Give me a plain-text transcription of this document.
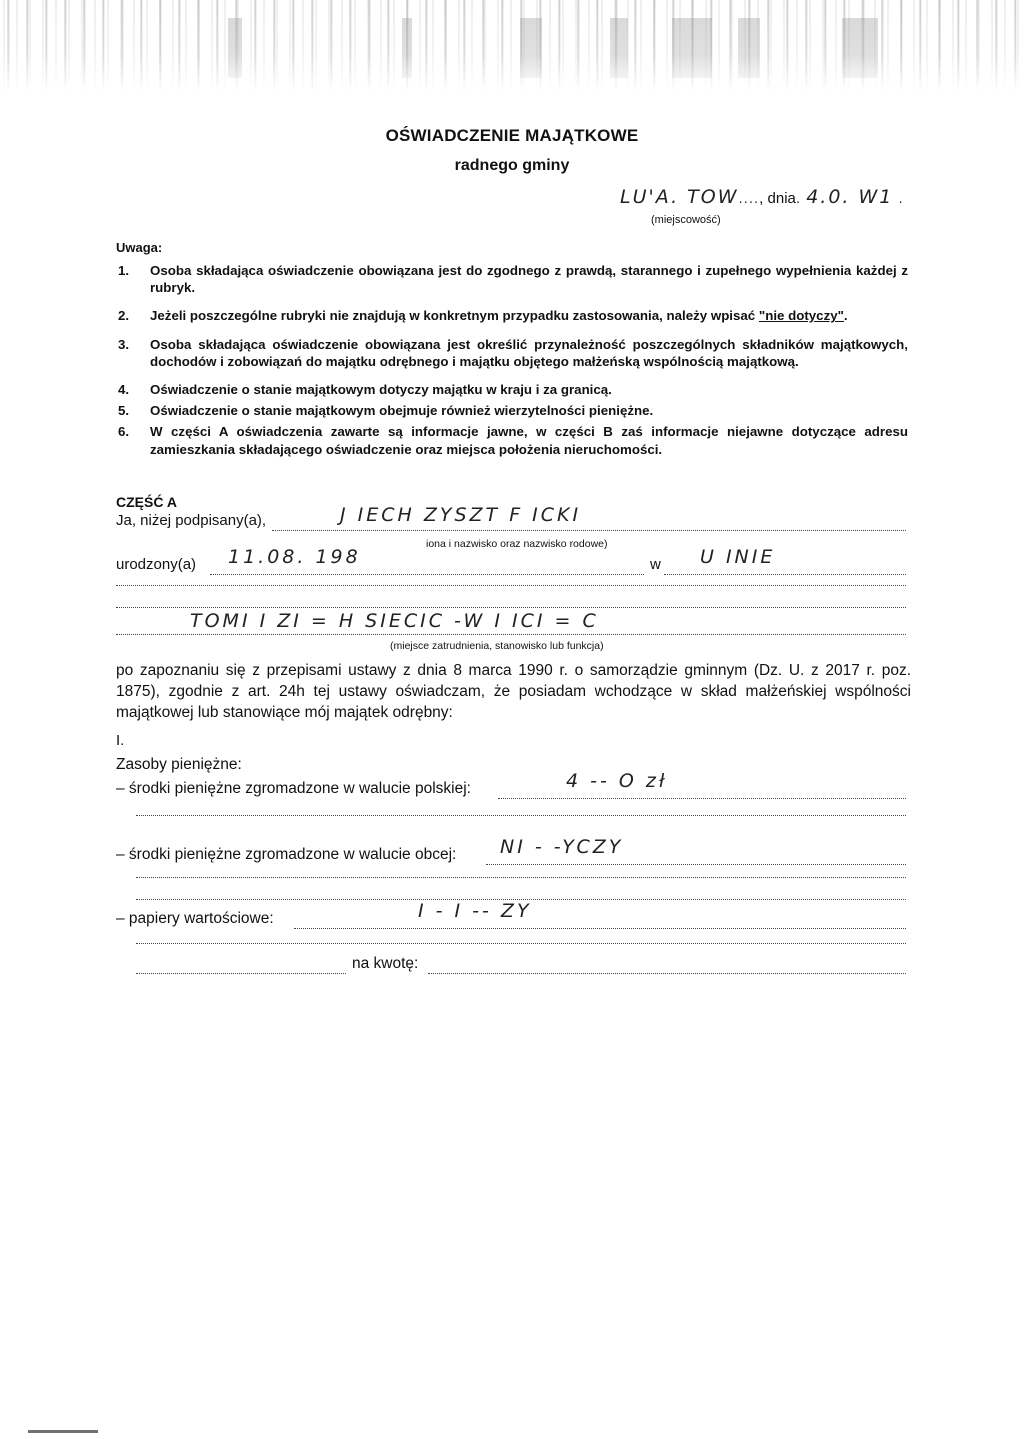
OŚWIADCZENIE MAJĄTKOWE
radnego gminy
LU'A. TOW...., dnia. 4.0. W1 .
(miejscowość)
Uwaga:
1. Osoba składająca oświadczenie obowiązana jest do zgodnego z prawdą, starannego i zupełnego wypełnienia każdej z rubryk.
2. Jeżeli poszczególne rubryki nie znajdują w konkretnym przypadku zastosowania, należy wpisać "nie dotyczy".
3. Osoba składająca oświadczenie obowiązana jest określić przynależność poszczególnych składników majątkowych, dochodów i zobowiązań do majątku odrębnego i majątku objętego małżeńską wspólnością majątkową.
4. Oświadczenie o stanie majątkowym dotyczy majątku w kraju i za granicą.
5. Oświadczenie o stanie majątkowym obejmuje również wierzytelności pieniężne.
6. W części A oświadczenia zawarte są informacje jawne, w części B zaś informacje niejawne dotyczące adresu zamieszkania składającego oświadczenie oraz miejsca położenia nieruchomości.
CZĘŚĆ A
Ja, niżej podpisany(a),	J IECH ZYSZT F ICKI
iona i nazwisko oraz nazwisko rodowe)
urodzony(a) 11.08. 198	w U INIE
TOMI I ZI = H SIECIC -W I ICI = C
(miejsce zatrudnienia, stanowisko lub funkcja)
po zapoznaniu się z przepisami ustawy z dnia 8 marca 1990 r. o samorządzie gminnym (Dz. U. z 2017 r. poz. 1875), zgodnie z art. 24h tej ustawy oświadczam, że posiadam wchodzące w skład małżeńskiej wspólności majątkowej lub stanowiące mój majątek odrębny:
I.
Zasoby pieniężne:
– środki pieniężne zgromadzone w walucie polskiej:	4 -- O zł
– środki pieniężne zgromadzone w walucie obcej: NI - -YCZY
– papiery wartościowe:	I - I -- ZY
na kwotę:
